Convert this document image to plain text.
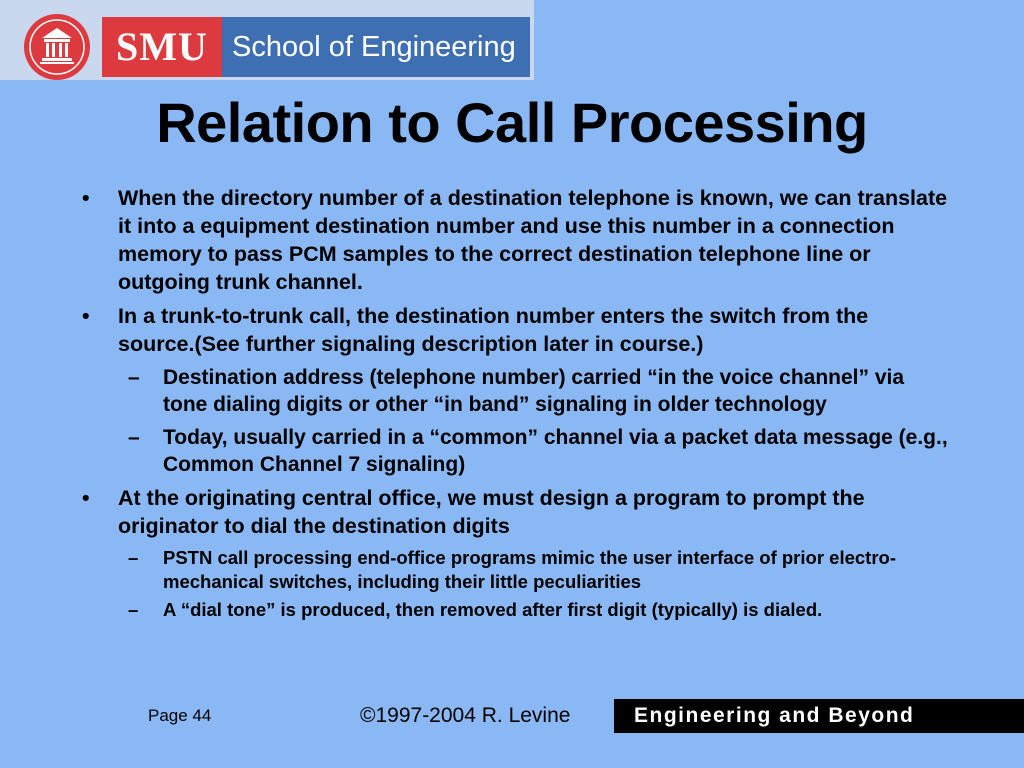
SMU School of Engineering
Relation to Call Processing
• When the directory number of a destination telephone is known, we can translate it into a equipment destination number and use this number in a connection memory to pass PCM samples to the correct destination telephone line or outgoing trunk channel.
• In a trunk-to-trunk call, the destination number enters the switch from the source.(See further signaling description later in course.)
– Destination address (telephone number) carried “in the voice channel” via tone dialing digits or other “in band” signaling in older technology
– Today, usually carried in a “common” channel via a packet data message (e.g., Common Channel 7 signaling)
• At the originating central office, we must design a program to prompt the originator to dial the destination digits
– PSTN call processing end-office programs mimic the user interface of prior electro-mechanical switches, including their little peculiarities
– A “dial tone” is produced, then removed after first digit (typically) is dialed.
Page 44	©1997-2004 R. Levine	Engineering and Beyond
